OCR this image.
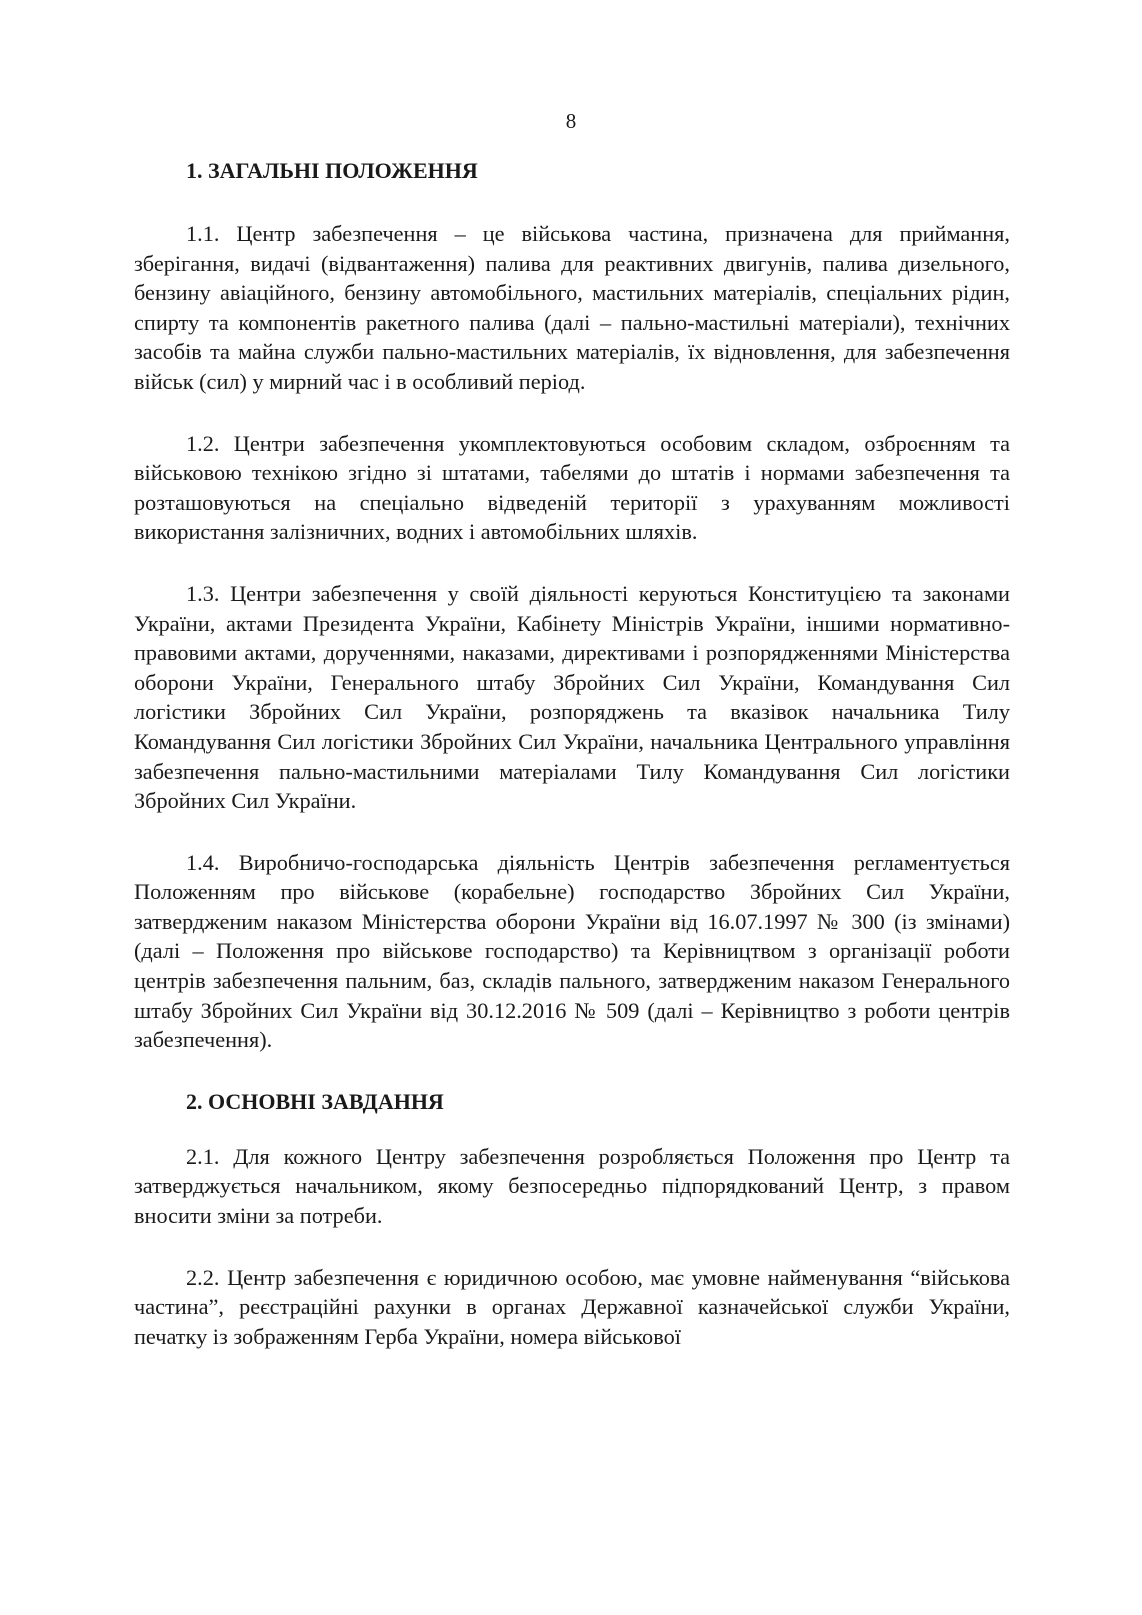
8
1. ЗАГАЛЬНІ ПОЛОЖЕННЯ

1.1. Центр забезпечення – це військова частина, призначена для приймання, зберігання, видачі (відвантаження) палива для реактивних двигунів, палива дизельного, бензину авіаційного, бензину автомобільного, мастильних матеріалів, спеціальних рідин, спирту та компонентів ракетного палива (далі – пально-мастильні матеріали), технічних засобів та майна служби пально-мастильних матеріалів, їх відновлення, для забезпечення військ (сил) у мирний час і в особливий період.

1.2. Центри забезпечення укомплектовуються особовим складом, озброєнням та військовою технікою згідно зі штатами, табелями до штатів і нормами забезпечення та розташовуються на спеціально відведеній території з урахуванням можливості використання залізничних, водних і автомобільних шляхів.

1.3. Центри забезпечення у своїй діяльності керуються Конституцією та законами України, актами Президента України, Кабінету Міністрів України, іншими нормативно-правовими актами, дорученнями, наказами, директивами і розпорядженнями Міністерства оборони України, Генерального штабу Збройних Сил України, Командування Сил логістики Збройних Сил України, розпоряджень та вказівок начальника Тилу Командування Сил логістики Збройних Сил України, начальника Центрального управління забезпечення пально-мастильними матеріалами Тилу Командування Сил логістики Збройних Сил України.

1.4. Виробничо-господарська діяльність Центрів забезпечення регламентується Положенням про військове (корабельне) господарство Збройних Сил України, затвердженим наказом Міністерства оборони України від 16.07.1997 № 300 (із змінами) (далі – Положення про військове господарство) та Керівництвом з організації роботи центрів забезпечення пальним, баз, складів пального, затвердженим наказом Генерального штабу Збройних Сил України від 30.12.2016 № 509 (далі – Керівництво з роботи центрів забезпечення).

2. ОСНОВНІ ЗАВДАННЯ

2.1. Для кожного Центру забезпечення розробляється Положення про Центр та затверджується начальником, якому безпосередньо підпорядкований Центр, з правом вносити зміни за потреби.

2.2. Центр забезпечення є юридичною особою, має умовне найменування “військова частина”, реєстраційні рахунки в органах Державної казначейської служби України, печатку із зображенням Герба України, номера військової
